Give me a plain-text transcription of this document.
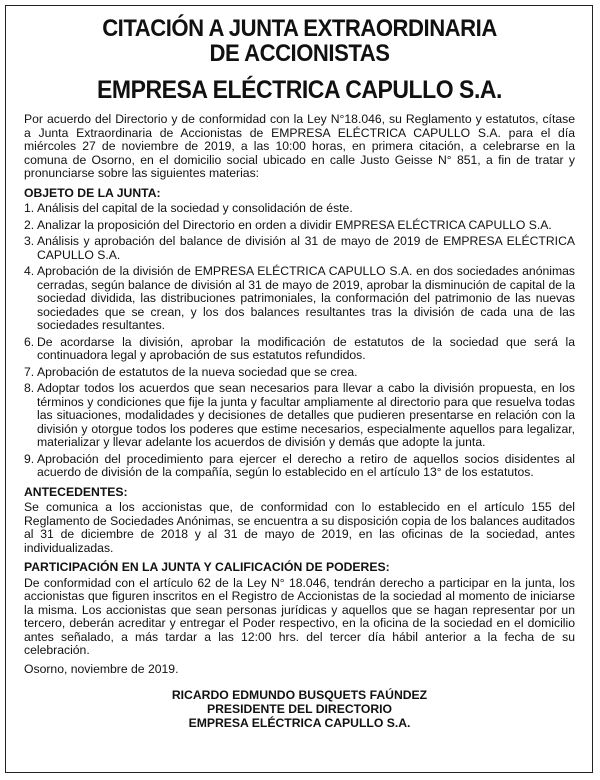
CITACIÓN A JUNTA EXTRAORDINARIA
DE ACCIONISTAS
EMPRESA ELÉCTRICA CAPULLO S.A.

Por acuerdo del Directorio y de conformidad con la Ley N°18.046, su Reglamento y estatutos, cítase a Junta Extraordinaria de Accionistas de EMPRESA ELÉCTRICA CAPULLO S.A. para el día miércoles 27 de noviembre de 2019, a las 10:00 horas, en primera citación, a celebrarse en la comuna de Osorno, en el domicilio social ubicado en calle Justo Geisse N° 851, a fin de tratar y pronunciarse sobre las siguientes materias:

OBJETO DE LA JUNTA:
1. Análisis del capital de la sociedad y consolidación de éste.
2. Analizar la proposición del Directorio en orden a dividir EMPRESA ELÉCTRICA CAPULLO S.A.
3. Análisis y aprobación del balance de división al 31 de mayo de 2019 de EMPRESA ELÉCTRICA CAPULLO S.A.
4. Aprobación de la división de EMPRESA ELÉCTRICA CAPULLO S.A. en dos sociedades anónimas cerradas, según balance de división al 31 de mayo de 2019, aprobar la disminución de capital de la sociedad dividida, las distribuciones patrimoniales, la conformación del patrimonio de las nuevas sociedades que se crean, y los dos balances resultantes tras la división de cada una de las sociedades resultantes.
6. De acordarse la división, aprobar la modificación de estatutos de la sociedad que será la continuadora legal y aprobación de sus estatutos refundidos.
7. Aprobación de estatutos de la nueva sociedad que se crea.
8. Adoptar todos los acuerdos que sean necesarios para llevar a cabo la división propuesta, en los términos y condiciones que fije la junta y facultar ampliamente al directorio para que resuelva todas las situaciones, modalidades y decisiones de detalles que pudieren presentarse en relación con la división y otorgue todos los poderes que estime necesarios, especialmente aquellos para legalizar, materializar y llevar adelante los acuerdos de división y demás que adopte la junta.
9. Aprobación del procedimiento para ejercer el derecho a retiro de aquellos socios disidentes al acuerdo de división de la compañía, según lo establecido en el artículo 13° de los estatutos.
ANTECEDENTES:

Se comunica a los accionistas que, de conformidad con lo establecido en el artículo 155 del Reglamento de Sociedades Anónimas, se encuentra a su disposición copia de los balances auditados al 31 de diciembre de 2018 y al 31 de mayo de 2019, en las oficinas de la sociedad, antes individualizadas.

PARTICIPACIÓN EN LA JUNTA Y CALIFICACIÓN DE PODERES:

De conformidad con el artículo 62 de la Ley N° 18.046, tendrán derecho a participar en la junta, los accionistas que figuren inscritos en el Registro de Accionistas de la sociedad al momento de iniciarse la misma. Los accionistas que sean personas jurídicas y aquellos que se hagan representar por un tercero, deberán acreditar y entregar el Poder respectivo, en la oficina de la sociedad en el domicilio antes señalado, a más tardar a las 12:00 hrs. del tercer día hábil anterior a la fecha de su celebración.

Osorno, noviembre de 2019.

RICARDO EDMUNDO BUSQUETS FAÚNDEZ
PRESIDENTE DEL DIRECTORIO
EMPRESA ELÉCTRICA CAPULLO S.A.
